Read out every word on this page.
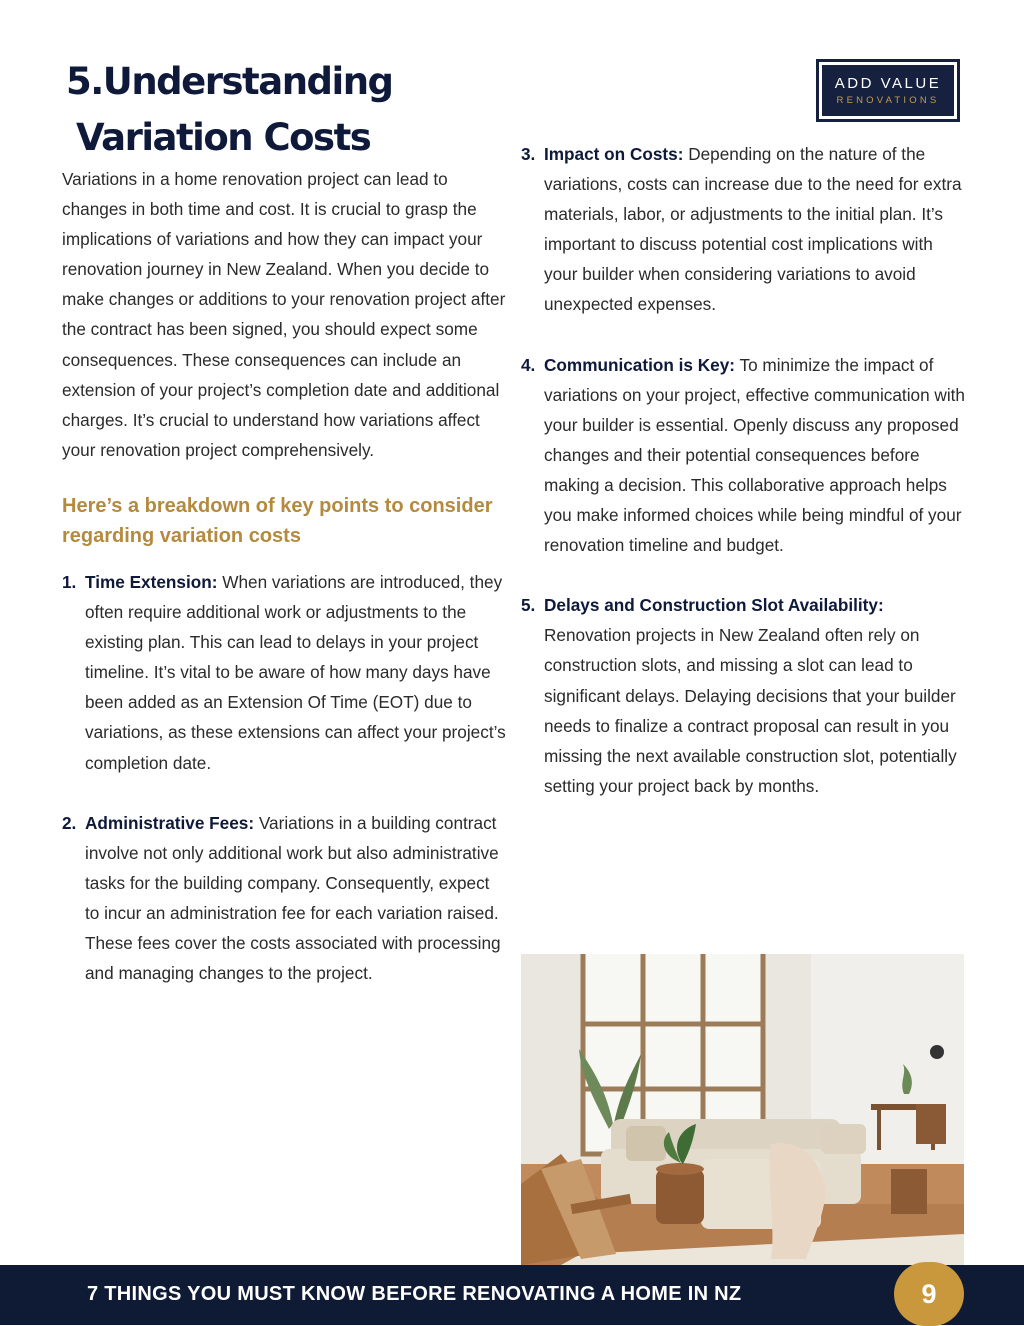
5.Understanding
Variation Costs
ADD VALUE
RENOVATIONS

Variations in a home renovation project can lead to changes in both time and cost. It is crucial to grasp the implications of variations and how they can impact your renovation journey in New Zealand. When you decide to make changes or additions to your renovation project after the contract has been signed, you should expect some consequences. These consequences can include an extension of your project’s completion date and additional charges. It’s crucial to understand how variations affect your renovation project comprehensively.

Here’s a breakdown of key points to consider regarding variation costs

1. Time Extension: When variations are introduced, they often require additional work or adjustments to the existing plan. This can lead to delays in your project timeline. It’s vital to be aware of how many days have been added as an Extension Of Time (EOT) due to variations, as these extensions can affect your project’s completion date.
2. Administrative Fees: Variations in a building contract involve not only additional work but also administrative tasks for the building company. Consequently, expect to incur an administration fee for each variation raised. These fees cover the costs associated with processing and managing changes to the project.
3. Impact on Costs: Depending on the nature of the variations, costs can increase due to the need for extra materials, labor, or adjustments to the initial plan. It’s important to discuss potential cost implications with your builder when considering variations to avoid unexpected expenses.
4. Communication is Key: To minimize the impact of variations on your project, effective communication with your builder is essential. Openly discuss any proposed changes and their potential consequences before making a decision. This collaborative approach helps you make informed choices while being mindful of your renovation timeline and budget.
5. Delays and Construction Slot Availability: Renovation projects in New Zealand often rely on construction slots, and missing a slot can lead to significant delays. Delaying decisions that your builder needs to finalize a contract proposal can result in you missing the next available construction slot, potentially setting your project back by months.
7 THINGS YOU MUST KNOW BEFORE RENOVATING A HOME IN NZ	9
